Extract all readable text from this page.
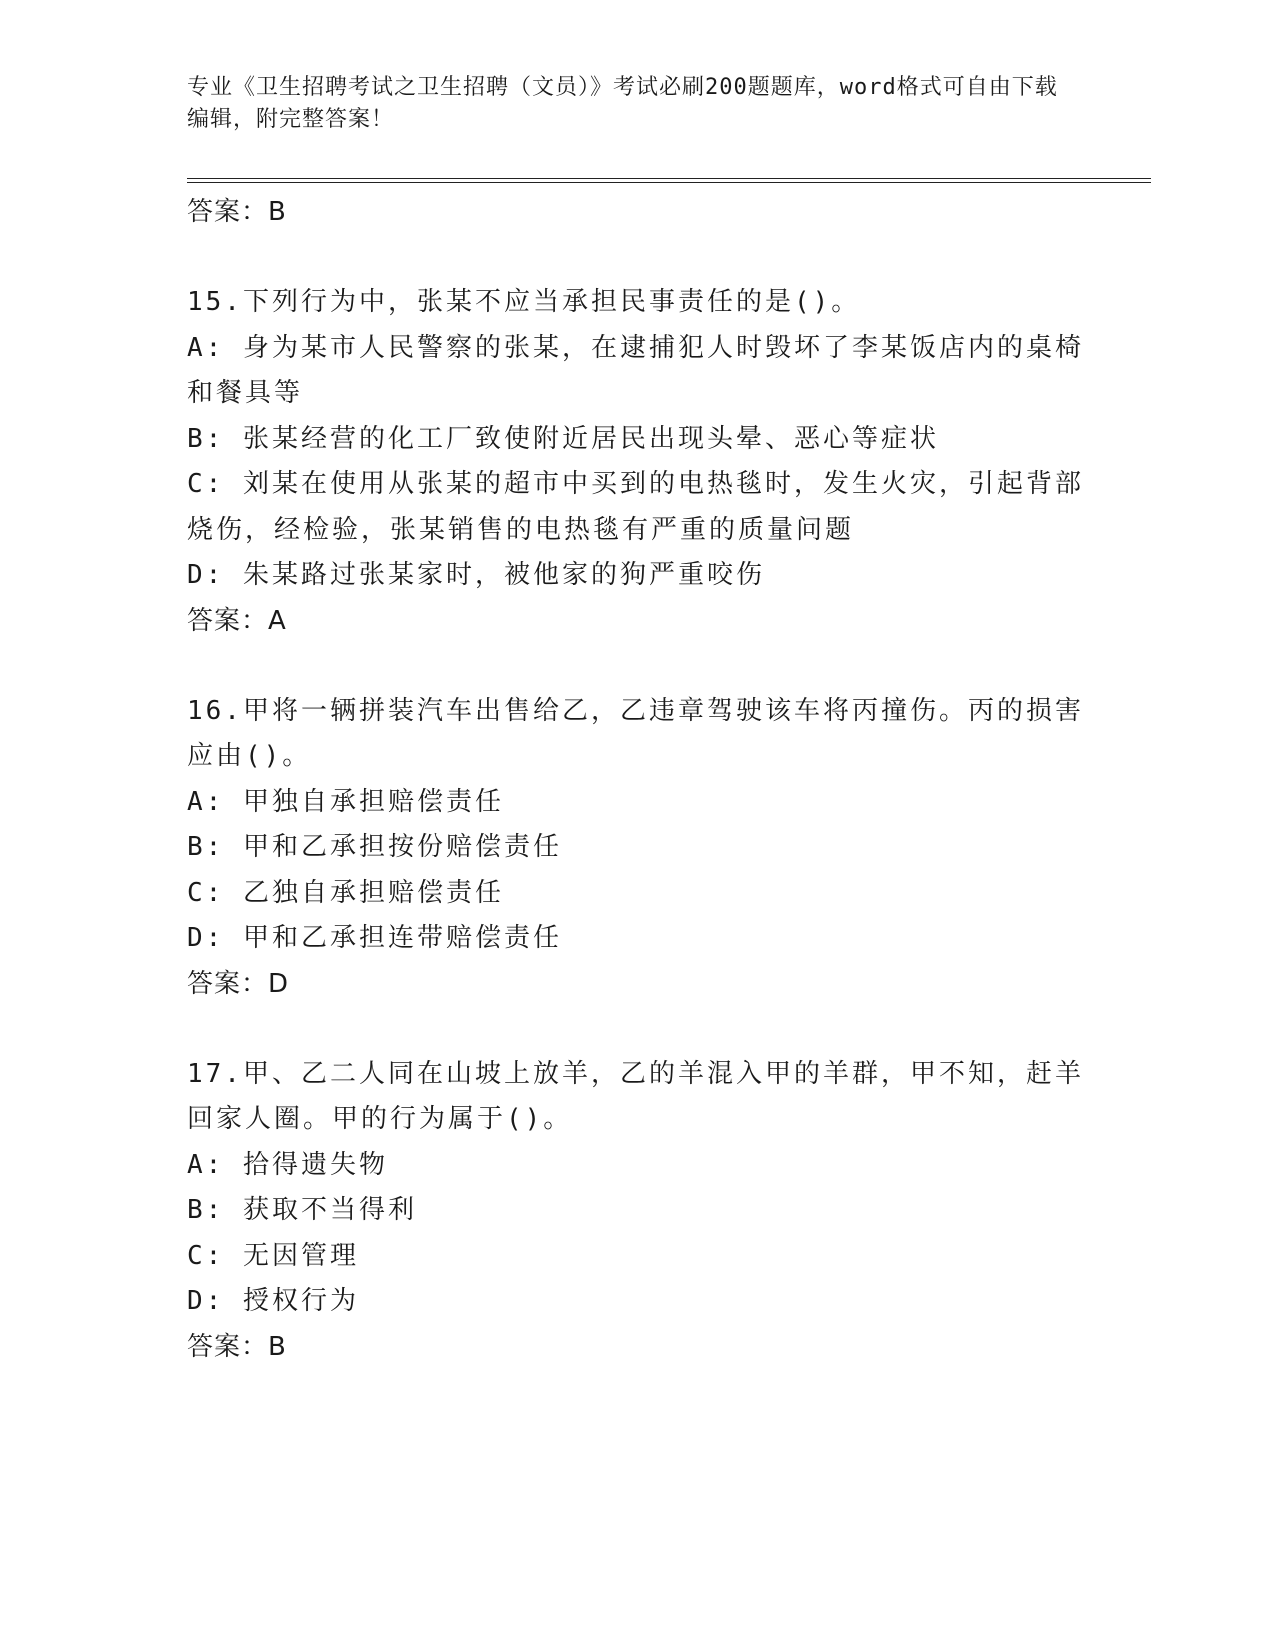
专业《卫生招聘考试之卫生招聘（文员）》考试必刷200题题库，word格式可自由下载编辑，附完整答案！
答案：B
15.下列行为中，张某不应当承担民事责任的是()。
A: 身为某市人民警察的张某，在逮捕犯人时毁坏了李某饭店内的桌椅和餐具等
B: 张某经营的化工厂致使附近居民出现头晕、恶心等症状
C: 刘某在使用从张某的超市中买到的电热毯时，发生火灾，引起背部烧伤，经检验，张某销售的电热毯有严重的质量问题
D: 朱某路过张某家时，被他家的狗严重咬伤
答案：A
16.甲将一辆拼装汽车出售给乙，乙违章驾驶该车将丙撞伤。丙的损害应由()。
A: 甲独自承担赔偿责任
B: 甲和乙承担按份赔偿责任
C: 乙独自承担赔偿责任
D: 甲和乙承担连带赔偿责任
答案：D
17.甲、乙二人同在山坡上放羊，乙的羊混入甲的羊群，甲不知，赶羊回家人圈。甲的行为属于()。
A: 拾得遗失物
B: 获取不当得利
C: 无因管理
D: 授权行为
答案：B
